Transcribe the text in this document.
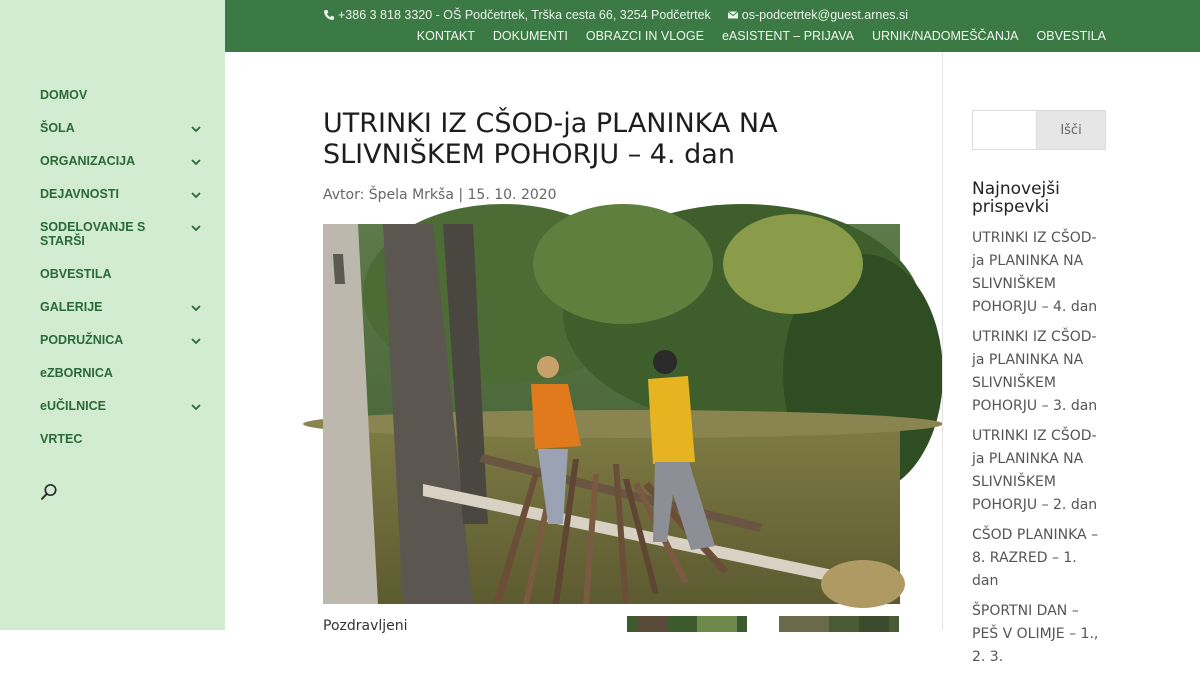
DOMOV
ŠOLA
ORGANIZACIJA
DEJAVNOSTI
SODELOVANJE S STARŠI
OBVESTILA
GALERIJE
PODRUŽNICA
eZBORNICA
eUČILNICE
VRTEC
+386 3 818 3320 - OŠ Podčetrtek, Trška cesta 66, 3254 Podčetrtek os-podcetrtek@guest.arnes.si
KONTAKT DOKUMENTI OBRAZCI IN VLOGE eASISTENT – PRIJAVA URNIK/NADOMEŠČANJA OBVESTILA
UTRINKI IZ CŠOD-ja PLANINKA NA SLIVNIŠKEM POHORJU – 4. dan
Avtor: Špela Mrkša | 15. 10. 2020
Pozdravljeni
Išči
Najnovejši prispevki
UTRINKI IZ CŠOD-ja PLANINKA NA SLIVNIŠKEM POHORJU – 4. dan
UTRINKI IZ CŠOD-ja PLANINKA NA SLIVNIŠKEM POHORJU – 3. dan
UTRINKI IZ CŠOD-ja PLANINKA NA SLIVNIŠKEM POHORJU – 2. dan
CŠOD PLANINKA – 8. RAZRED – 1. dan
ŠPORTNI DAN – PEŠ V OLIMJE – 1., 2. 3.
